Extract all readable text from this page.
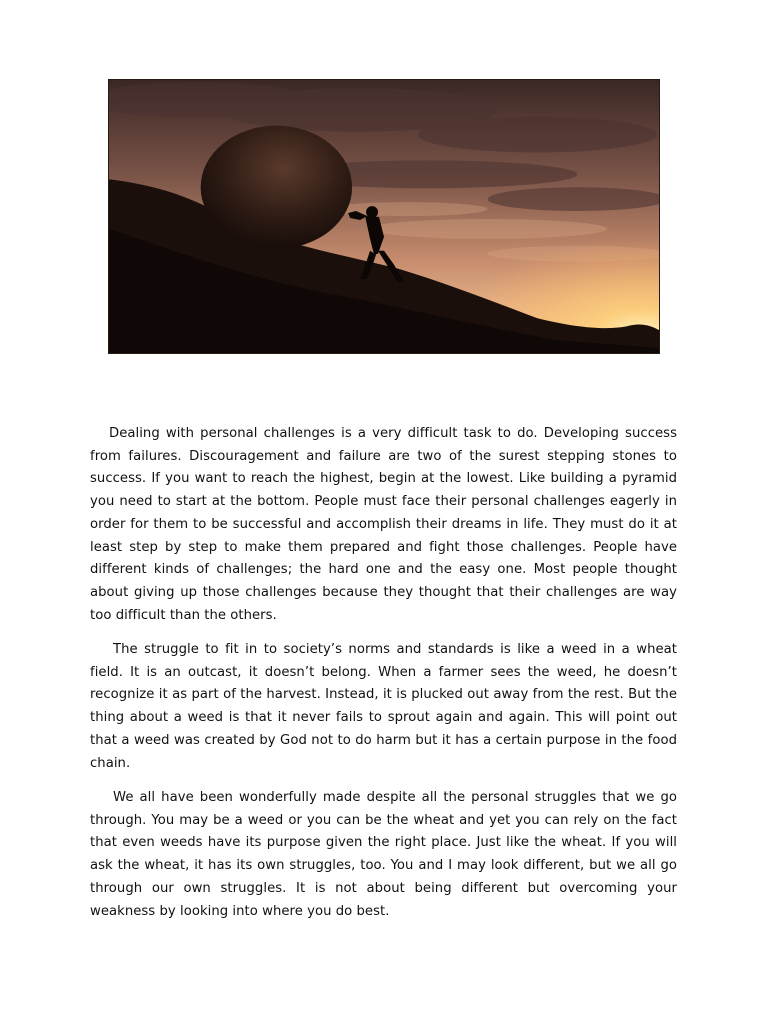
Dealing with personal challenges is a very difficult task to do. Developing success from failures. Discouragement and failure are two of the surest stepping stones to success. If you want to reach the highest, begin at the lowest. Like building a pyramid you need to start at the bottom. People must face their personal challenges eagerly in order for them to be successful and accomplish their dreams in life. They must do it at least step by step to make them prepared and fight those challenges. People have different kinds of challenges; the hard one and the easy one. Most people thought about giving up those challenges because they thought that their challenges are way too difficult than the others.

The struggle to fit in to society’s norms and standards is like a weed in a wheat field. It is an outcast, it doesn’t belong. When a farmer sees the weed, he doesn’t recognize it as part of the harvest. Instead, it is plucked out away from the rest. But the thing about a weed is that it never fails to sprout again and again. This will point out that a weed was created by God not to do harm but it has a certain purpose in the food chain.

We all have been wonderfully made despite all the personal struggles that we go through. You may be a weed or you can be the wheat and yet you can rely on the fact that even weeds have its purpose given the right place. Just like the wheat. If you will ask the wheat, it has its own struggles, too. You and I may look different, but we all go through our own struggles. It is not about being different but overcoming your weakness by looking into where you do best.
